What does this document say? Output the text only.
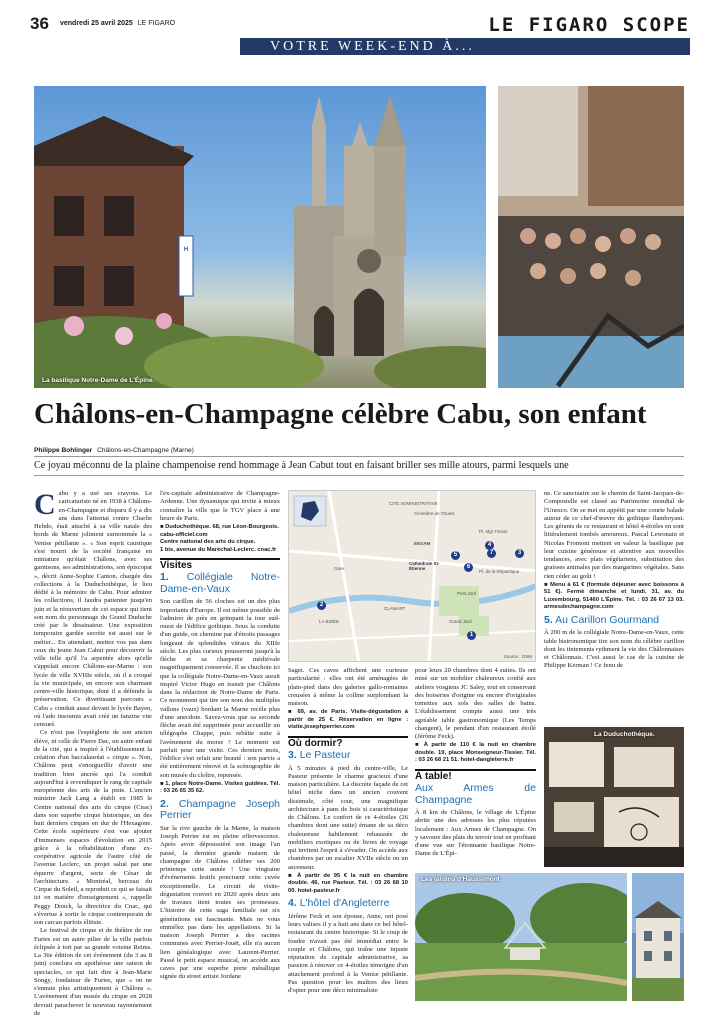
36 vendredi 25 avril 2025 LE FIGARO	LE FIGARO SCOPE
VOTRE WEEK-END À...
H
La basilique Notre-Dame de L'Épine.
Châlons-en-Champagne célèbre Cabu, son enfant
Philippe Bohlinger Châlons-en-Champagne (Marne)
Ce joyau méconnu de la plaine champenoise rend hommage à Jean Cabut tout en faisant briller ses mille atours, parmi lesquels une
C abu y a usé ses crayons. Le caricaturiste né en 1938 à Châlons-en-Champagne et disparu il y a dix ans dans l'attentat contre Charlie Hebdo, était attaché à sa ville natale des bords de Marne joliment surnommée la « Venise pétillante ». « Son esprit caustique s'est nourri de la société française en miniature qu'était Châlons, avec ses garnisons, ses administrations, son épiscopat », décrit Anne-Sophie Canton, chargée des collections à la Duduchothèque, le lieu dédié à la mémoire de Cabu. Pour admirer les collections, il faudra patienter jusqu'en juin et la réouverture de cet espace qui tient son nom du personnage du Grand Duduche créé par le dessinateur. Une exposition temporaire gardée secrète est aussi sur le métier... En attendant, mettez vos pas dans ceux du jeune Jean Cabut pour découvrir la ville telle qu'il l'a arpentée alors qu'elle s'appelait encore Châlons-sur-Marne : son lycée de ville XVIIIe siècle, où il a croqué la vie municipale, en encore son charmant centre-ville historique, dont il a défendu la préservation. Ce divertissant parcours « Cabu » conduit aussi devant le lycée Bayen, où l'ado insoumis avait créé un fanzine vite censuré.

Ce n'est pas l'espièglerie de son ancien élève, ni celle de Pierre Dac, un autre enfant de la cité, qui a inspiré à l'établissement la création d'un baccalauréat « cirque ». Non, Châlons peut s'enorgueillir d'avoir une tradition bien ancrée qui l'a conduit aujourd'hui à revendiquer le rang de capitale européenne des arts de la piste. L'ancien ministre Jack Lang a établi en 1985 le Centre national des arts du cirque (Cnac) dans son superbe cirque historique, un des huit derniers cirques en dur de l'Hexagone. Cette école supérieure s'est vue ajouter d'immenses espaces d'évolution en 2015 grâce à la réhabilitation d'une ex-coopérative agricole de l'autre côté de l'avenue Leclerc, un projet salué par une équerre d'argent, sorte de César de l'architecture. « Montréal, berceau du Cirque du Soleil, a reproduit ce qui se faisait ici en matière d'enseignement », rappelle Peggy Donck, la directrice du Cnac, qui s'évertue à sortir le cirque contemporain de son carcan parfois élitiste.

Le festival de cirque et de théâtre de rue Furies est un autre pilier de la ville parfois éclipsée à tort par sa grande voisine Reims. La 36e édition de cet événement (du 3 au 8 juin) conclura en apothéose une saison de spectacles, ce qui fait dire à Jean-Marie Songy, fondateur de Furies, que « on ne s'ennuie plus artistiquement à Châlons ». L'avènement d'un musée du cirque en 2028 devrait parachever le nouveau rayonnement de

l'ex-capitale administrative de Champagne-Ardenne. Une dynamique qui invite à mieux connaître la ville que le TGV place à une heure de Paris.

■ Duduchothèque. 68, rue Léon-Bourgeois.
cabu-officiel.com
Centre national des arts du cirque.
1 bis, avenue du Maréchal-Leclerc. cnac.fr
Visites
1. Collégiale Notre-Dame-en-Vaux

Son carillon de 56 cloches est un des plus importants d'Europe. Il est même possible de l'admirer de près en grimpant la tour sud-ouest de l'édifice gothique. Sous la conduite d'un guide, on chemine par d'étroits passages longeant de splendides vitraux du XIIIe siècle. Les plus curieux pousseront jusqu'à la flèche et sa charpente médiévale magnifiquement conservée. Il se chuchote ici que la collégiale Notre-Dame-en-Vaux aurait inspiré Victor Hugo en transit par Châlons dans la rédaction de Notre-Dame de Paris. Ce monument qui tire son nom des multiples vallons (vaux) bordant la Marne recèle plus d'une anecdote. Savez-vous que sa seconde flèche avait été supprimée pour accueillir un télégraphe Chappe, puis rebâtie suite à l'avènement du morse ? Le moment est parfait pour une visite. Ces derniers mois, l'édifice s'est refait une beauté : son parvis a été entièrement rénové et la scénographie de son musée du cloître, repensée.

■ 1, place Notre-Dame. Visites guidées. Tél. : 03 26 65 35 62.

2. Champagne Joseph Perrier

Sur la rive gauche de la Marne, la maison Joseph Perrier est en pleine effervescence. Après avoir dépoussiéré son image l'an passé, la dernière grande maison de champagne de Châlons célèbre ses 200 printemps cette année ! Une vingtaine d'événements festifs ponctuent cette cuvée exceptionnelle. Le circuit de visite-dégustation rouvert en 2020 après deux ans de travaux tient toutes ses promesses. L'histoire de cette saga familiale sur six générations est fascinante. Mais ne vous emmêlez pas dans les appellations. Si la maison Joseph Perrier a des racines communes avec Perrier-Jouët, elle n'a aucun lien généalogique avec Laurent-Perrier. Passé le petit espace musical, on accède aux caves par une superbe porte métallique signée du street artiste Jordane

CITÉ ADMINISTRATIVE
Cimetière de l'Ouest
Gare
ENSAM
Cathédrale St-Étienne
CLAMART
Grand Jard
Petit Jard
LA BIDÉE
Pl. de la République
Pl. Mgr Tissier
1
2
3
4
5
6
7
Source : OSM

Saget. Ces caves affichent une curieuse particularité : elles ont été aménagées de plain-pied dans des galeries gallo-romaines creusées à même la colline surplombant la maison.

■ 69, av. de Paris. Visite-dégustation à partir de 25 €. Réservation en ligne : visite.josephperrier.com

Où dormir?
3. Le Pasteur

À 5 minutes à pied du centre-ville, Le Pasteur présente le charme gracieux d'une maison particulière. La discrète façade de cet hôtel niche dans un ancien couvent dissimule, côté cour, une magnifique architecture à pans de bois si caractéristique de Châlons. Le confort de ce 4-étoiles (26 chambres dont une suite) émane de sa déco chaleureuse habilement rehaussée de mobiliers exotiques ou de livres de voyage qui invitent l'esprit à s'évader. On accède aux chambres par un escalier XVIIe siècle ou un ascenseur.

■ À partir de 95 € la nuit en chambre double. 46, rue Pasteur. Tél. : 03 26 68 10 00. hotel-pasteur.fr

4. L'hôtel d'Angleterre

Jérôme Feck et son épouse, Anne, ont posé leurs valises il y a huit ans dans ce bel hôtel-restaurant du centre historique. Si le coup de foudre n'avait pas été immédiat entre le couple et Châlons, qui traîne une injuste réputation de capitale administrative, sa passion à rénover ce 4-étoiles témoigne d'un attachement profond à la Venise pétillante. Pas question pour les maîtres des lieux d'opter pour une déco minimaliste

pour leurs 20 chambres dont 4 suites. Ils ont misé sur un mobilier chaleureux confié aux ateliers vosgiens JC Saley, tout en conservant des boiseries d'origine ou encore d'originales tomettes aux sols des salles de bains. L'établissement compte aussi une très agréable table gastronomique (Les Temps changent), le pendant d'un restaurant étoilé (Jérôme Feck).

■ À partir de 110 € la nuit en chambre double. 19, place Monseigneur-Tissier. Tél. : 03 26 68 21 51. hotel-dangleterre.fr

À table!
Aux Armes de Champagne

À 8 km de Châlons, le village de L'Épine abrite une des adresses les plus réputées localement : Aux Armes de Champagne. On y savoure des plats du terroir tout en profitant d'une vue sur l'étonnante basilique Notre-Dame de L'Épi-

ne. Ce sanctuaire sur le chemin de Saint-Jacques-de-Compostelle est classé au Patrimoine mondial de l'Unesco. On se met en appétit par une courte balade autour de ce chef-d'œuvre du gothique flamboyant. Les gérants de ce restaurant et hôtel 4-étoiles en sont littéralement tombés amoureux. Pascal Lewonain et Nicolas Fromont mettent en valeur la basilique par leur cuisine généreuse et attentive aux nouvelles tendances, avec plats végétariens, substitution des graisses animales par des margarines végétales. Sans rien céder au goût !

■ Menu à 61 € (formule déjeuner avec boissons à 51 €). Fermé dimanche et lundi. 31, av. du Luxembourg, 51460 L'Épine. Tél. : 03 26 67 13 03. armesdechampagne.com

5. Au Carillon Gourmand

À 200 m de la collégiale Notre-Dame-en-Vaux, cette table bistronomique tire son nom du célèbre carillon dont les tintements rythment la vie des Châlonnaises et Châlonnais. C'est aussi le cas de la cuisine de Philippe Kerman ! Ce fenu de

La Duduchothèque.
Les jardins d'Haussimont.
